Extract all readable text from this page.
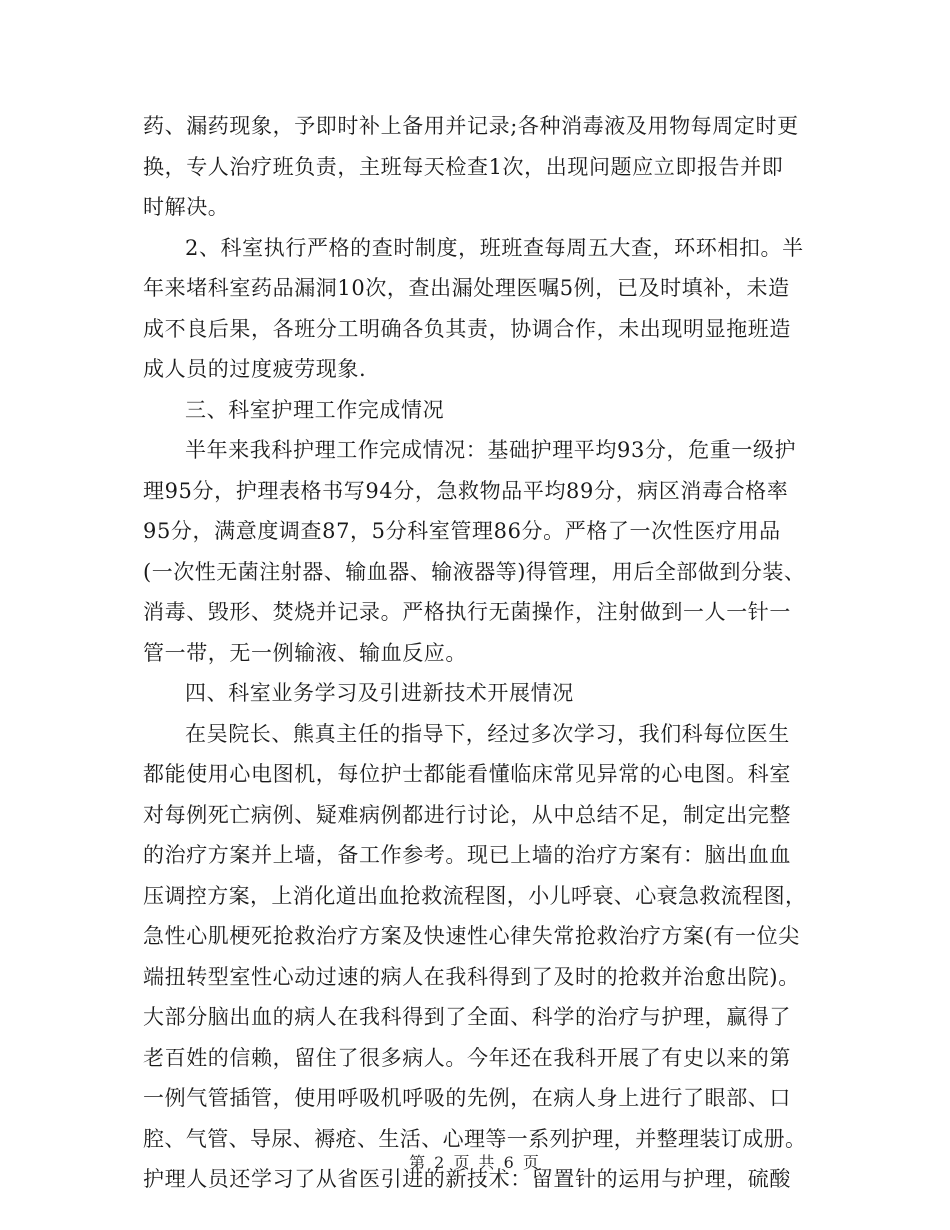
药、漏药现象，予即时补上备用并记录;各种消毒液及用物每周定时更
换，专人治疗班负责，主班每天检查1次，出现问题应立即报告并即
时解决。
2、科室执行严格的查时制度，班班查每周五大查，环环相扣。半
年来堵科室药品漏洞10次，查出漏处理医嘱5例，已及时填补，未造
成不良后果，各班分工明确各负其责，协调合作，未出现明显拖班造
成人员的过度疲劳现象.
三、科室护理工作完成情况
半年来我科护理工作完成情况：基础护理平均93分，危重一级护
理95分，护理表格书写94分，急救物品平均89分，病区消毒合格率
95分，满意度调查87，5分科室管理86分。严格了一次性医疗用品
(一次性无菌注射器、输血器、输液器等)得管理，用后全部做到分装、
消毒、毁形、焚烧并记录。严格执行无菌操作，注射做到一人一针一
管一带，无一例输液、输血反应。
四、科室业务学习及引进新技术开展情况
在吴院长、熊真主任的指导下，经过多次学习，我们科每位医生
都能使用心电图机，每位护士都能看懂临床常见异常的心电图。科室
对每例死亡病例、疑难病例都进行讨论，从中总结不足，制定出完整
的治疗方案并上墙，备工作参考。现已上墙的治疗方案有：脑出血血
压调控方案，上消化道出血抢救流程图，小儿呼衰、心衰急救流程图，
急性心肌梗死抢救治疗方案及快速性心律失常抢救治疗方案(有一位尖
端扭转型室性心动过速的病人在我科得到了及时的抢救并治愈出院)。
大部分脑出血的病人在我科得到了全面、科学的治疗与护理，赢得了
老百姓的信赖，留住了很多病人。今年还在我科开展了有史以来的第
一例气管插管，使用呼吸机呼吸的先例，在病人身上进行了眼部、口
腔、气管、导尿、褥疮、生活、心理等一系列护理，并整理装订成册。
护理人员还学习了从省医引进的新技术：留置针的运用与护理，硫酸
第 2 页 共 6 页
